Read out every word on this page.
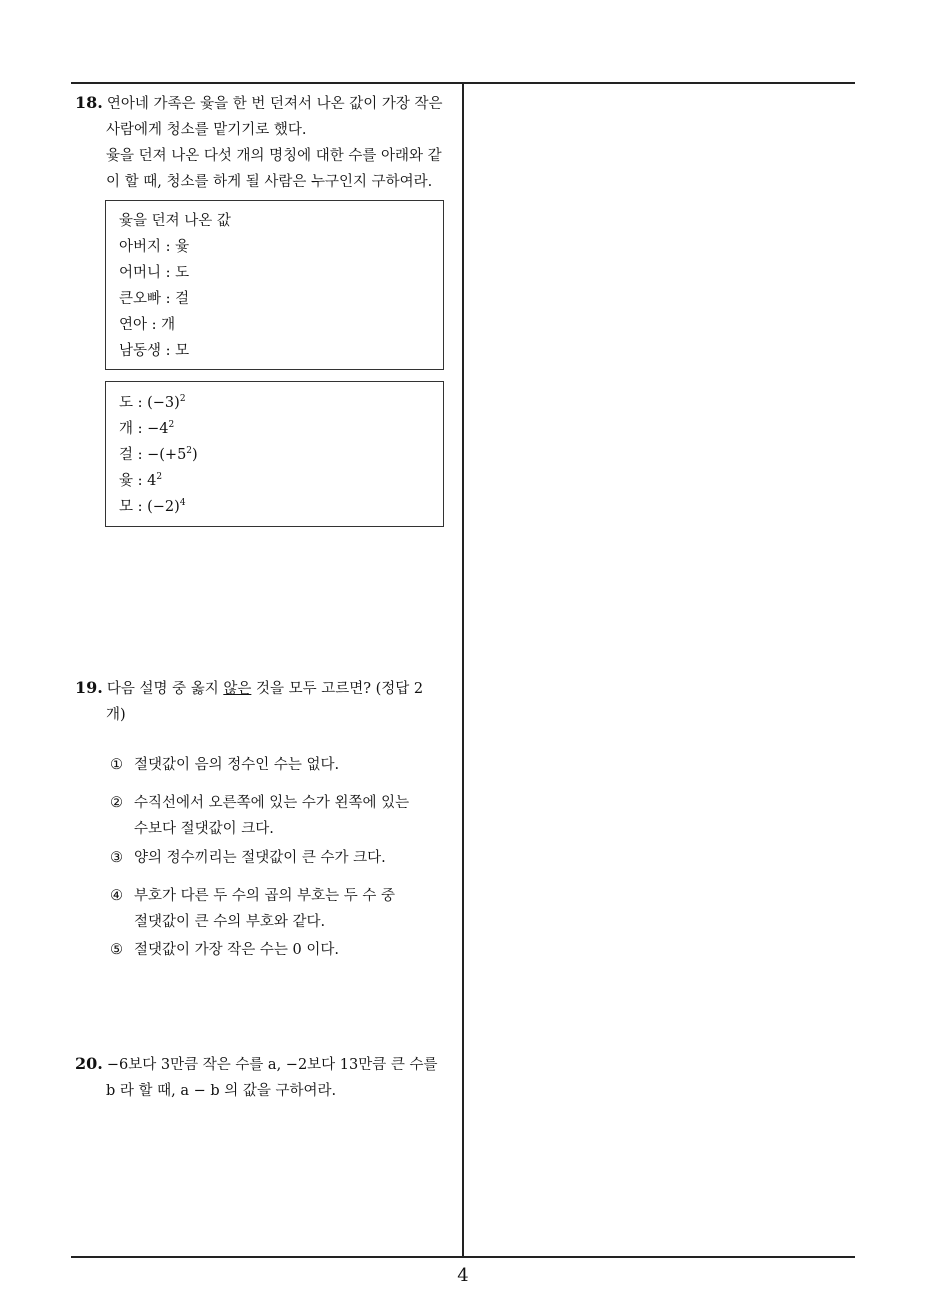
18. 연아네 가족은 윷을 한 번 던져서 나온 값이 가장 작은
사람에게 청소를 맡기기로 했다.
윷을 던져 나온 다섯 개의 명칭에 대한 수를 아래와 같
이 할 때, 청소를 하게 될 사람은 누구인지 구하여라.
윷을 던져 나온 값
아버지 : 윷
어머니 : 도
큰오빠 : 걸
연아 : 개
남동생 : 모
도 : $(-3)^2$
개 : $-4^2$
걸 : $-(+5^2)$
윷 : $4^2$
모 : $(-2)^4$
19. 다음 설명 중 옳지 않은 것을 모두 고르면? (정답 2
개)
① 절댓값이 음의 정수인 수는 없다.
② 수직선에서 오른쪽에 있는 수가 왼쪽에 있는
수보다 절댓값이 크다.
③ 양의 정수끼리는 절댓값이 큰 수가 크다.
④ 부호가 다른 두 수의 곱의 부호는 두 수 중
절댓값이 큰 수의 부호와 같다.
⑤ 절댓값이 가장 작은 수는 0 이다.
20. −6보다 3만큼 작은 수를 a, −2보다 13만큼 큰 수를
b 라 할 때, a − b 의 값을 구하여라.
4
